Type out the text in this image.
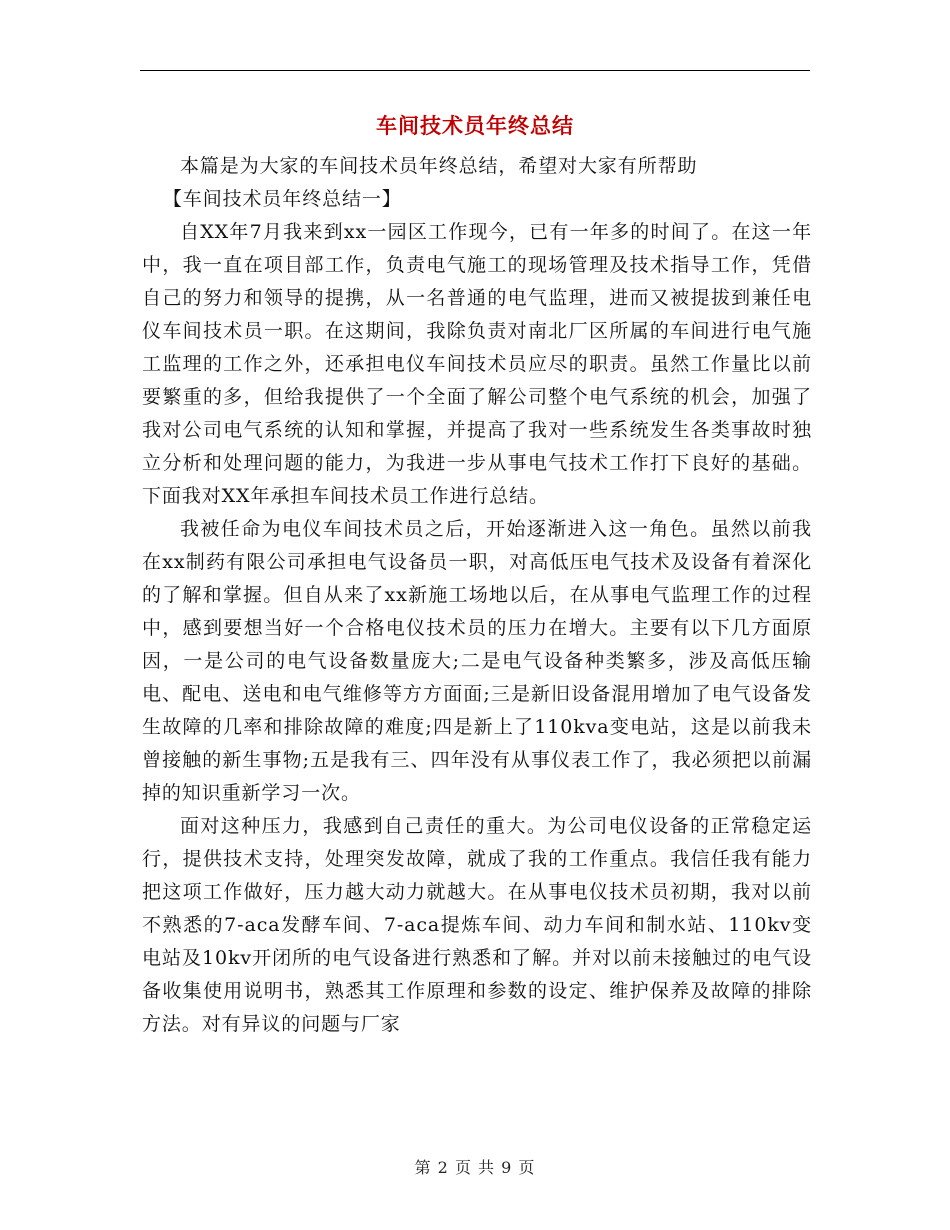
车间技术员年终总结

本篇是为大家的车间技术员年终总结，希望对大家有所帮助

【车间技术员年终总结一】

自XX年7月我来到xx一园区工作现今，已有一年多的时间了。在这一年中，我一直在项目部工作，负责电气施工的现场管理及技术指导工作，凭借自己的努力和领导的提携，从一名普通的电气监理，进而又被提拔到兼任电仪车间技术员一职。在这期间，我除负责对南北厂区所属的车间进行电气施工监理的工作之外，还承担电仪车间技术员应尽的职责。虽然工作量比以前要繁重的多，但给我提供了一个全面了解公司整个电气系统的机会，加强了我对公司电气系统的认知和掌握，并提高了我对一些系统发生各类事故时独立分析和处理问题的能力，为我进一步从事电气技术工作打下良好的基础。下面我对XX年承担车间技术员工作进行总结。

我被任命为电仪车间技术员之后，开始逐渐进入这一角色。虽然以前我在xx制药有限公司承担电气设备员一职，对高低压电气技术及设备有着深化的了解和掌握。但自从来了xx新施工场地以后，在从事电气监理工作的过程中，感到要想当好一个合格电仪技术员的压力在增大。主要有以下几方面原因，一是公司的电气设备数量庞大;二是电气设备种类繁多，涉及高低压输电、配电、送电和电气维修等方方面面;三是新旧设备混用增加了电气设备发生故障的几率和排除故障的难度;四是新上了110kva变电站，这是以前我未曾接触的新生事物;五是我有三、四年没有从事仪表工作了，我必须把以前漏掉的知识重新学习一次。

面对这种压力，我感到自己责任的重大。为公司电仪设备的正常稳定运行，提供技术支持，处理突发故障，就成了我的工作重点。我信任我有能力把这项工作做好，压力越大动力就越大。在从事电仪技术员初期，我对以前不熟悉的7-aca发酵车间、7-aca提炼车间、动力车间和制水站、110kv变电站及10kv开闭所的电气设备进行熟悉和了解。并对以前未接触过的电气设备收集使用说明书，熟悉其工作原理和参数的设定、维护保养及故障的排除方法。对有异议的问题与厂家

第 2 页 共 9 页
